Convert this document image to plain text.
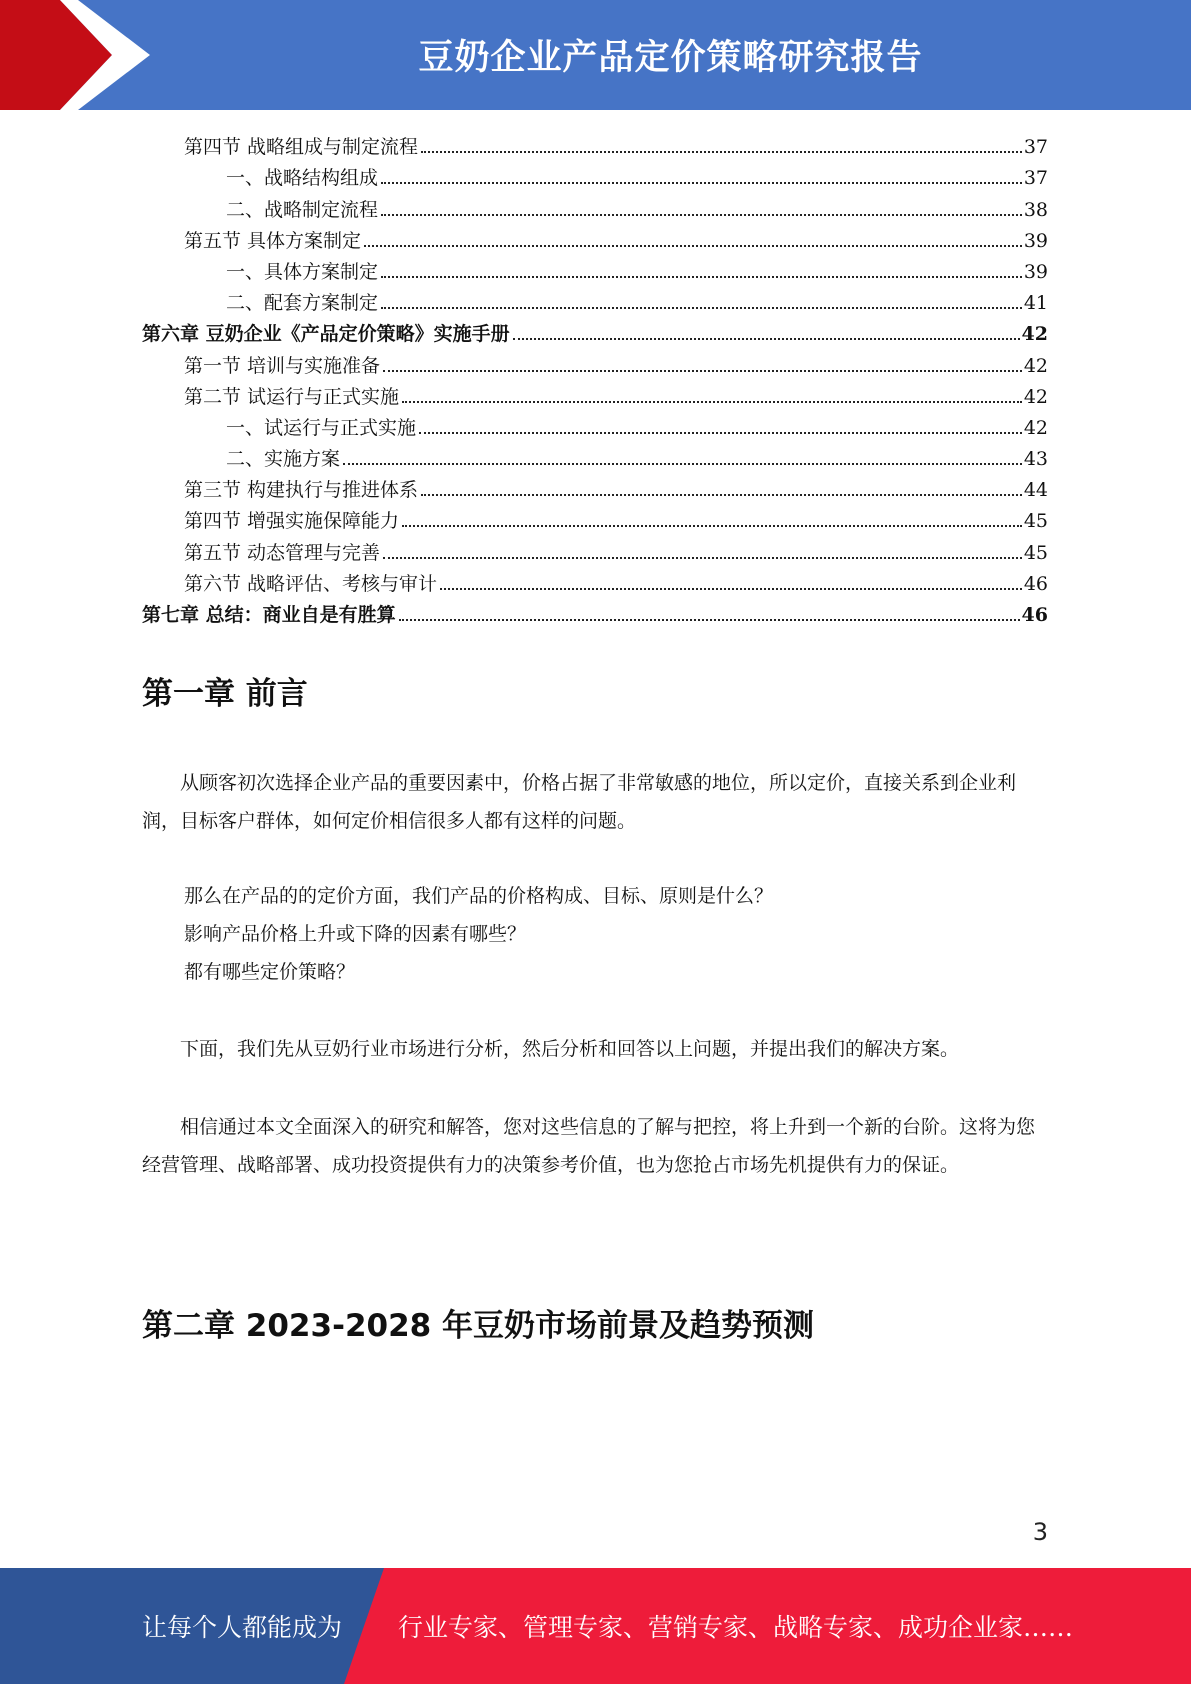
豆奶企业产品定价策略研究报告
第四节 战略组成与制定流程	37
一、战略结构组成	37
二、战略制定流程	38
第五节 具体方案制定	39
一、具体方案制定	39
二、配套方案制定	41
第六章 豆奶企业《产品定价策略》实施手册	42
第一节 培训与实施准备	42
第二节 试运行与正式实施	42
一、试运行与正式实施	42
二、实施方案	43
第三节 构建执行与推进体系	44
第四节 增强实施保障能力	45
第五节 动态管理与完善	45
第六节 战略评估、考核与审计	46
第七章 总结：商业自是有胜算	46
第一章 前言

从顾客初次选择企业产品的重要因素中，价格占据了非常敏感的地位，所以定价，直接关系到企业利润，目标客户群体，如何定价相信很多人都有这样的问题。

那么在产品的的定价方面，我们产品的价格构成、目标、原则是什么？

影响产品价格上升或下降的因素有哪些？

都有哪些定价策略？

下面，我们先从豆奶行业市场进行分析，然后分析和回答以上问题，并提出我们的解决方案。

相信通过本文全面深入的研究和解答，您对这些信息的了解与把控，将上升到一个新的台阶。这将为您经营管理、战略部署、成功投资提供有力的决策参考价值，也为您抢占市场先机提供有力的保证。

第二章 2023-2028 年豆奶市场前景及趋势预测
3
让每个人都能成为 行业专家、管理专家、营销专家、战略专家、成功企业家……
